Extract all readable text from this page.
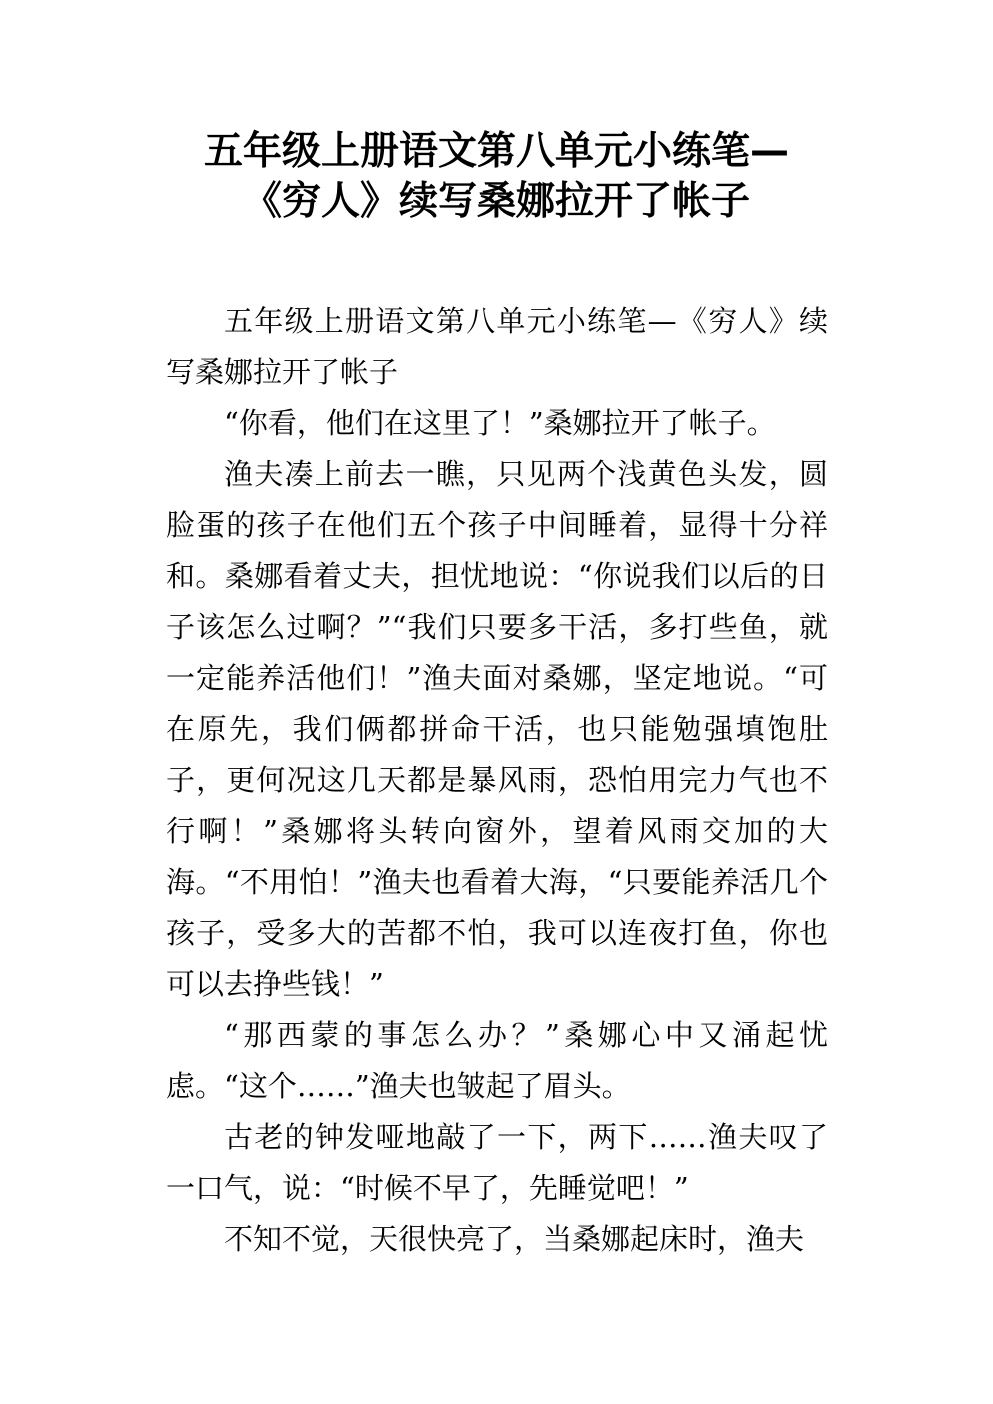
五年级上册语文第八单元小练笔—
《穷人》续写桑娜拉开了帐子

五年级上册语文第八单元小练笔—《穷人》续写桑娜拉开了帐子

“你看，他们在这里了！”桑娜拉开了帐子。

渔夫凑上前去一瞧，只见两个浅黄色头发，圆脸蛋的孩子在他们五个孩子中间睡着，显得十分祥和。桑娜看着丈夫，担忧地说：“你说我们以后的日子该怎么过啊？”“我们只要多干活，多打些鱼，就一定能养活他们！”渔夫面对桑娜，坚定地说。“可在原先，我们俩都拼命干活，也只能勉强填饱肚子，更何况这几天都是暴风雨，恐怕用完力气也不行啊！”桑娜将头转向窗外，望着风雨交加的大海。“不用怕！”渔夫也看着大海，“只要能养活几个孩子，受多大的苦都不怕，我可以连夜打鱼，你也可以去挣些钱！”

“那西蒙的事怎么办？”桑娜心中又涌起忧虑。“这个……”渔夫也皱起了眉头。

古老的钟发哑地敲了一下，两下……渔夫叹了一口气，说：“时候不早了，先睡觉吧！”

不知不觉，天很快亮了，当桑娜起床时，渔夫
